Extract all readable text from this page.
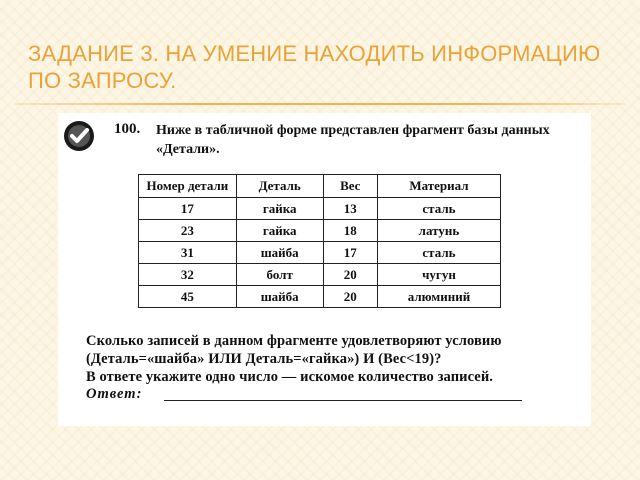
ЗАДАНИЕ 3. НА УМЕНИЕ НАХОДИТЬ ИНФОРМАЦИЮ ПО ЗАПРОСУ.
100. Ниже в табличной форме представлен фрагмент базы данных «Детали».
Номер детали	Деталь	Вес	Материал
17	гайка	13	сталь
23	гайка	18	латунь
31	шайба	17	сталь
32	болт	20	чугун
45	шайба	20	алюминий
Сколько записей в данном фрагменте удовлетворяют условию
(Деталь=«шайба» ИЛИ Деталь=«гайка») И (Вес<19)?
В ответе укажите одно число — искомое количество записей.
Ответ:
